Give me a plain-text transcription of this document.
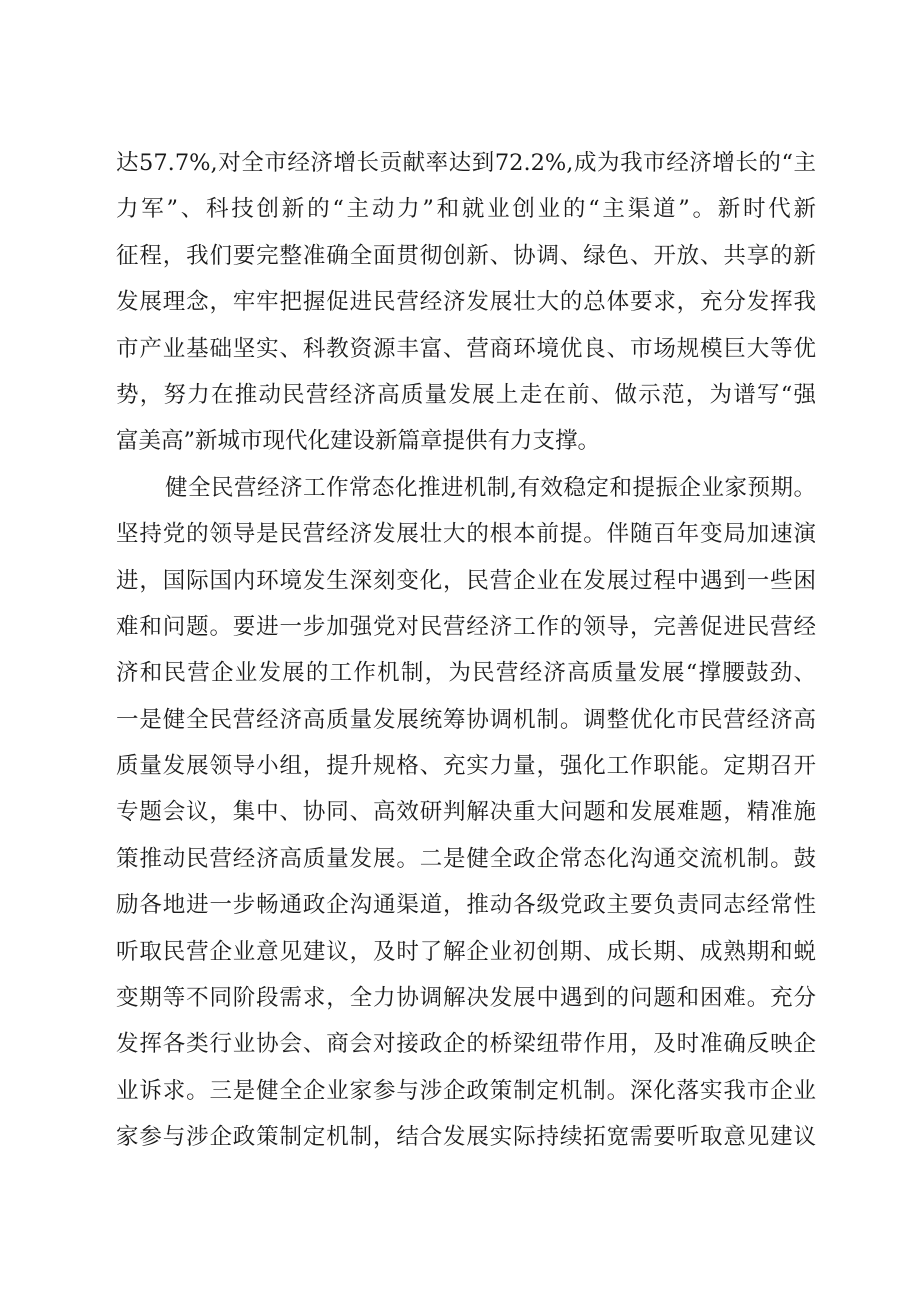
达57.7%,对全市经济增长贡献率达到72.2%,成为我市经济增长的“主
力军”、科技创新的“主动力”和就业创业的“主渠道”。新时代新
征程，我们要完整准确全面贯彻创新、协调、绿色、开放、共享的新
发展理念，牢牢把握促进民营经济发展壮大的总体要求，充分发挥我
市产业基础坚实、科教资源丰富、营商环境优良、市场规模巨大等优
势，努力在推动民营经济高质量发展上走在前、做示范，为谱写“强
富美高”新城市现代化建设新篇章提供有力支撑。
健全民营经济工作常态化推进机制,有效稳定和提振企业家预期。
坚持党的领导是民营经济发展壮大的根本前提。伴随百年变局加速演
进，国际国内环境发生深刻变化，民营企业在发展过程中遇到一些困
难和问题。要进一步加强党对民营经济工作的领导，完善促进民营经
济和民营企业发展的工作机制，为民营经济高质量发展“撑腰鼓劲、
一是健全民营经济高质量发展统筹协调机制。调整优化市民营经济高
质量发展领导小组，提升规格、充实力量，强化工作职能。定期召开
专题会议，集中、协同、高效研判解决重大问题和发展难题，精准施
策推动民营经济高质量发展。二是健全政企常态化沟通交流机制。鼓
励各地进一步畅通政企沟通渠道，推动各级党政主要负责同志经常性
听取民营企业意见建议，及时了解企业初创期、成长期、成熟期和蜕
变期等不同阶段需求，全力协调解决发展中遇到的问题和困难。充分
发挥各类行业协会、商会对接政企的桥梁纽带作用，及时准确反映企
业诉求。三是健全企业家参与涉企政策制定机制。深化落实我市企业
家参与涉企政策制定机制，结合发展实际持续拓宽需要听取意见建议
